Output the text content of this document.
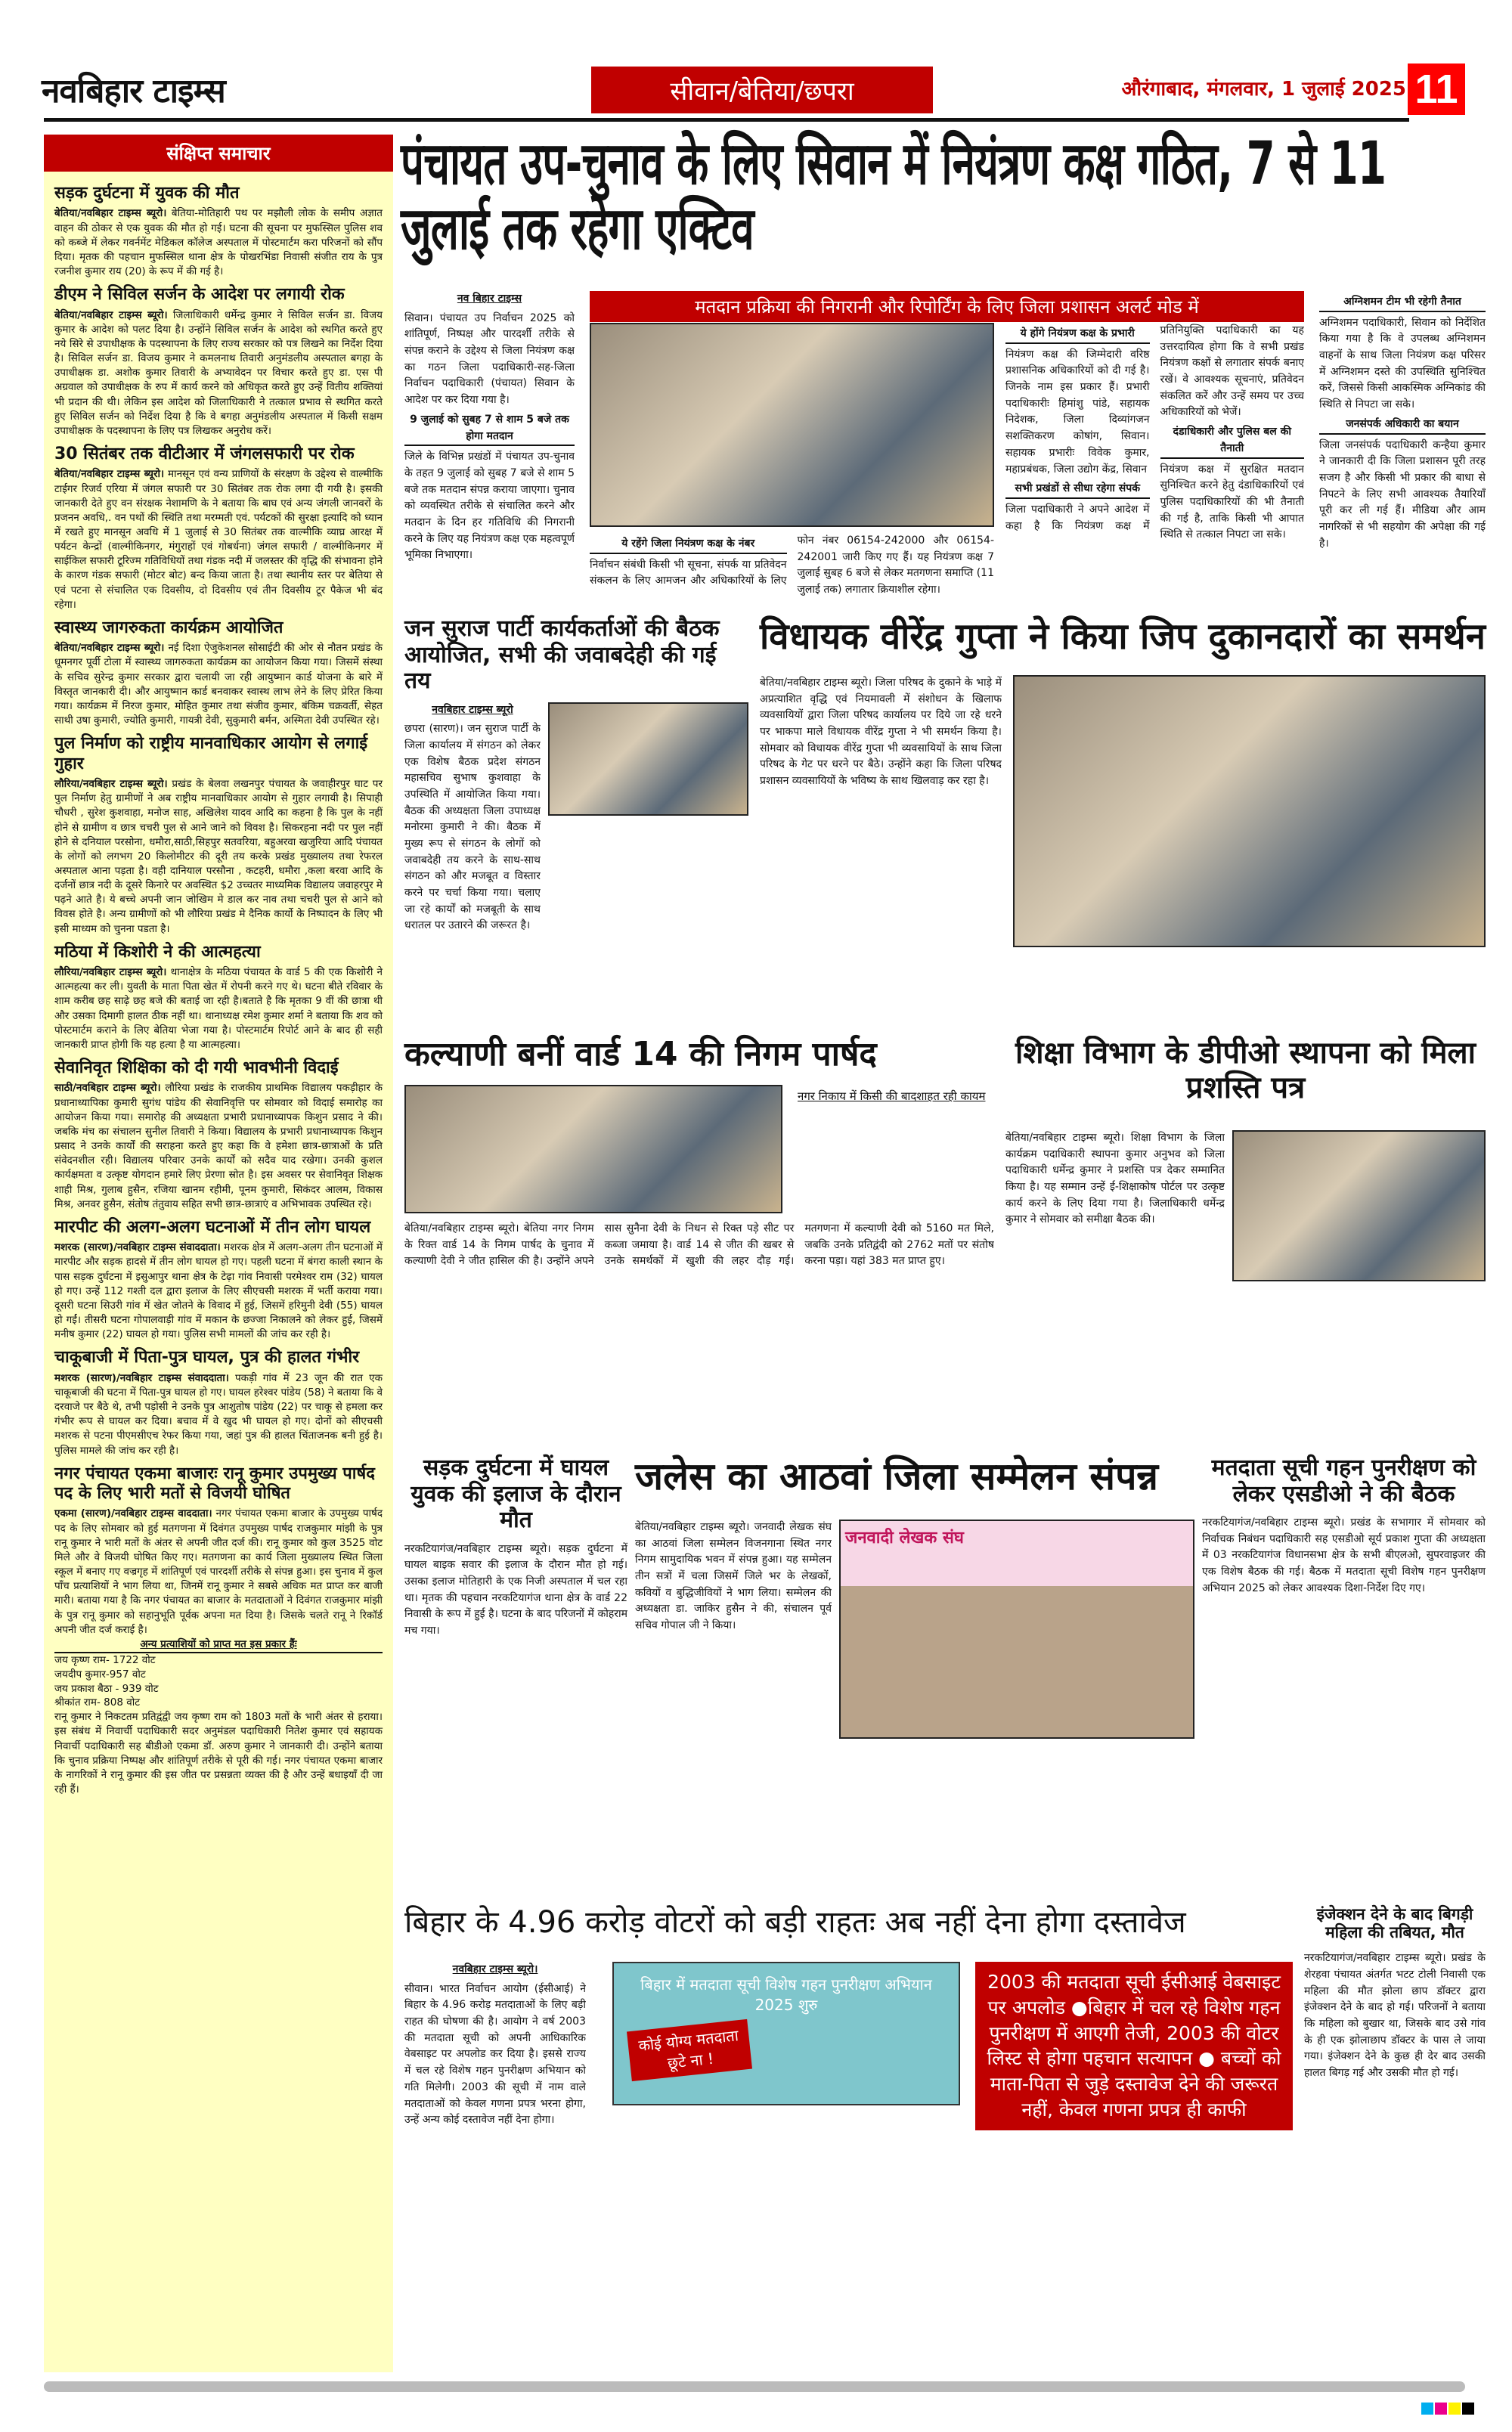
नवबिहार टाइम्स	सीवान/बेतिया/छपरा	औरंगाबाद, मंगलवार, 1 जुलाई 2025 11
संक्षिप्त समाचार
सड़क दुर्घटना में युवक की मौत

बेतिया/नवबिहार टाइम्स ब्यूरो। बेतिया-मोतिहारी पथ पर मझौली लोक के समीप अज्ञात वाहन की ठोकर से एक युवक की मौत हो गई। घटना की सूचना पर मुफस्सिल पुलिस शव को कब्जे में लेकर गवर्नमेंट मेडिकल कॉलेज अस्पताल में पोस्टमार्टम करा परिजनों को सौंप दिया। मृतक की पहचान मुफस्सिल थाना क्षेत्र के पोखरभिंडा निवासी संजीत राय के पुत्र रजनीश कुमार राय (20) के रूप में की गई है।

डीएम ने सिविल सर्जन के आदेश पर लगायी रोक

बेतिया/नवबिहार टाइम्स ब्यूरो। जिलाधिकारी धर्मेन्द्र कुमार ने सिविल सर्जन डा. विजय कुमार के आदेश को पलट दिया है। उन्होंने सिविल सर्जन के आदेश को स्थगित करते हुए नये सिरे से उपाधीक्षक के पदस्थापना के लिए राज्य सरकार को पत्र लिखने का निर्देश दिया है। सिविल सर्जन डा. विजय कुमार ने कमलनाथ तिवारी अनुमंडलीय अस्पताल बगहा के उपाधीक्षक डा. अशोक कुमार तिवारी के अभ्यावेदन पर विचार करते हुए डा. एस पी अग्रवाल को उपाधीक्षक के रुप में कार्य करने को अधिकृत करते हुए उन्हें वितीय शक्तियां भी प्रदान की थी। लेकिन इस आदेश को जिलाधिकारी ने तत्काल प्रभाव से स्थगित करते हुए सिविल सर्जन को निर्देश दिया है कि वे बगहा अनुमंडलीय अस्पताल में किसी सक्षम उपाधीक्षक के पदस्थापना के लिए पत्र लिखकर अनुरोध करें।

30 सितंबर तक वीटीआर में जंगलसफारी पर रोक

बेतिया/नवबिहार टाइम्स ब्यूरो। मानसून एवं वन्य प्राणियों के संरक्षण के उद्देश्य से वाल्मीकि टाईगर रिजर्व एरिया में जंगल सफारी पर 30 सितंबर तक रोक लगा दी गयी है। इसकी जानकारी देते हुए वन संरक्षक नेशामणि के ने बताया कि बाघ एवं अन्य जंगली जानवरों के प्रजनन अवधि,. वन पथों की स्थिति तथा मरम्मती एवं. पर्यटकों की सुरक्षा इत्यादि को ध्यान में रखते हुए मानसून अवधि में 1 जुलाई से 30 सितंबर तक वाल्मीकि व्याघ्र आरक्ष में पर्यटन केन्द्रों (वाल्मीकिनगर, मंगुराहों एवं गोबर्धना) जंगल सफारी / वाल्मीकिनगर में साईकिल सफारी टूरिज्म गतिविधियों तथा गंडक नदी में जलस्तर की वृद्धि की संभावना होने के कारण गंडक सफारी (मोटर बोट) बन्द किया जाता है। तथा स्थानीय स्तर पर बेतिया से एवं पटना से संचालित एक दिवसीय, दो दिवसीय एवं तीन दिवसीय टूर पैकेज भी बंद रहेगा।

स्वास्थ्य जागरुकता कार्यक्रम आयोजित

बेतिया/नवबिहार टाइम्स ब्यूरो। नई दिशा ऐजुकेशनल सोसाईटी की ओर से नौतन प्रखंड के धूमनगर पूर्वी टोला में स्वास्थ्य जागरुकता कार्यक्रम का आयोजन किया गया। जिसमें संस्था के सचिव सुरेन्द्र कुमार सरकार द्वारा चलायी जा रही आयुष्मान कार्ड योजना के बारे में विस्तृत जानकारी दी। और आयुष्मान कार्ड बनवाकर स्वास्थ लाभ लेने के लिए प्रेरित किया गया। कार्यक्रम में निरज कुमार, मोहित कुमार तथा संजीव कुमार, बंकिम चक्रवर्ती, सेहत साथी उषा कुमारी, ज्योति कुमारी, गायत्री देवी, सुकुमारी बर्मन, अस्मिता देवी उपस्थित रहे।

पुल निर्माण को राष्ट्रीय मानवाधिकार आयोग से लगाई गुहार

लौरिया/नवबिहार टाइम्स ब्यूरो। प्रखंड के बेलवा लखनपुर पंचायत के जवाहीरपुर घाट पर पुल निर्माण हेतु ग्रामीणों ने अब राष्ट्रीय मानवाधिकार आयोग से गुहार लगायी है। सिपाही चौधरी , सुरेश कुशवाहा, मनोज साह, अखिलेश यादव आदि का कहना है कि पुल के नहीं होने से ग्रामीण व छात्र चचरी पुल से आने जाने को विवश है। सिकरहना नदी पर पुल नहीं होने से दनियाल परसोना, धमौरा,साठी,सिहपुर सतवरिया, बहुअरवा खजुरिया आदि पंचायत के लोगों को लगभग 20 किलोमीटर की दूरी तय करके प्रखंड मुख्यालय तथा रेफरल अस्पताल आना पड़ता है। वही दानियाल परसौना , कटहरी, धमौरा ,कला बरवा आदि के दर्जनों छात्र नदी के दूसरे किनारे पर अवस्थित $2 उच्चतर माध्यमिक विद्यालय जवाहरपुर मे पढ़ने आते है। ये बच्चे अपनी जान जोखिम मे डाल कर नाव तथा चचरी पुल से आने को विवस होते है। अन्य ग्रामीणों को भी लौरिया प्रखंड मे दैनिक कार्यो के निष्पादन के लिए भी इसी माध्यम को चुनना पडता है।

मठिया में किशोरी ने की आत्महत्या

लौरिया/नवबिहार टाइम्स ब्यूरो। थानाक्षेत्र के मठिया पंचायत के वार्ड 5 की एक किशोरी ने आत्महत्या कर ली। युवती के माता पिता खेत में रोपनी करने गए थे। घटना बीते रविवार के शाम करीब छह साढ़े छह बजे की बताई जा रही है।बताते है कि मृतका 9 वीं की छात्रा थी और उसका दिमागी हालत ठीक नहीं था। थानाध्यक्ष रमेश कुमार शर्मा ने बताया कि शव को पोस्टमार्टम कराने के लिए बेतिया भेजा गया है। पोस्टमार्टम रिपोर्ट आने के बाद ही सही जानकारी प्राप्त होगी कि यह हत्या है या आत्महत्या।

सेवानिवृत शिक्षिका को दी गयी भावभीनी विदाई

साठी/नवबिहार टाइम्स ब्यूरो। लौरिया प्रखंड के राजकीय प्राथमिक विद्यालय पकड़ीहार के प्रधानाध्यापिका कुमारी सुगंध पांडेय की सेवानिवृत्ति पर सोमवार को विदाई समारोह का आयोजन किया गया। समारोह की अध्यक्षता प्रभारी प्रधानाध्यापक किशुन प्रसाद ने की। जबकि मंच का संचालन सुनील तिवारी ने किया। विद्यालय के प्रभारी प्रधानाध्यापक किशुन प्रसाद ने उनके कार्यों की सराहना करते हुए कहा कि वे हमेशा छात्र-छात्राओं के प्रति संवेदनशील रही। विद्यालय परिवार उनके कार्यों को सदैव याद रखेगा। उनकी कुशल कार्यक्षमता व उत्कृष्ट योगदान हमारे लिए प्रेरणा स्रोत है। इस अवसर पर सेवानिवृत शिक्षक शाही मिश्र, गुलाब हुसैन, रजिया खानम रहीमी, पूनम कुमारी, सिकंदर आलम, विकास मिश्र, अनवर हुसैन, संतोष तंतुवाय सहित सभी छात्र-छात्राएं व अभिभावक उपस्थित रहे।

मारपीट की अलग-अलग घटनाओं में तीन लोग घायल

मशरक (सारण)/नवबिहार टाइम्स संवाददाता। मशरक क्षेत्र में अलग-अलग तीन घटनाओं में मारपीट और सड़क हादसे में तीन लोग घायल हो गए। पहली घटना में बंगरा काली स्थान के पास सड़क दुर्घटना में इसुआपुर थाना क्षेत्र के टेढ़ा गांव निवासी परमेश्वर राम (32) घायल हो गए। उन्हें 112 गश्ती दल द्वारा इलाज के लिए सीएचसी मशरक में भर्ती कराया गया। दूसरी घटना सिउरी गांव में खेत जोतने के विवाद में हुई, जिसमें हरिमुनी देवी (55) घायल हो गईं। तीसरी घटना गोपालवाड़ी गांव में मकान के छज्जा निकालने को लेकर हुई, जिसमें मनीष कुमार (22) घायल हो गया। पुलिस सभी मामलों की जांच कर रही है।

चाकूबाजी में पिता-पुत्र घायल, पुत्र की हालत गंभीर

मशरक (सारण)/नवबिहार टाइम्स संवाददाता। पकड़ी गांव में 23 जून की रात एक चाकूबाजी की घटना में पिता-पुत्र घायल हो गए। घायल हरेश्वर पांडेय (58) ने बताया कि वे दरवाजे पर बैठे थे, तभी पड़ोसी ने उनके पुत्र आशुतोष पांडेय (22) पर चाकू से हमला कर गंभीर रूप से घायल कर दिया। बचाव में वे खुद भी घायल हो गए। दोनों को सीएचसी मशरक से पटना पीएमसीएच रेफर किया गया, जहां पुत्र की हालत चिंताजनक बनी हुई है। पुलिस मामले की जांच कर रही है।

नगर पंचायत एकमा बाजारः रानू कुमार उपमुख्य पार्षद पद के लिए भारी मतों से विजयी घोषित

एकमा (सारण)/नवबिहार टाइम्स वाददाता। नगर पंचायत एकमा बाजार के उपमुख्य पार्षद पद के लिए सोमवार को हुई मतगणना में दिवंगत उपमुख्य पार्षद राजकुमार मांझी के पुत्र रानू कुमार ने भारी मतों के अंतर से अपनी जीत दर्ज की। रानू कुमार को कुल 3525 वोट मिले और वे विजयी घोषित किए गए। मतगणना का कार्य जिला मुख्यालय स्थित जिला स्कूल में बनाए गए वज्रगृह में शांतिपूर्ण एवं पारदर्शी तरीके से संपन्न हुआ। इस चुनाव में कुल पाँच प्रत्याशियों ने भाग लिया था, जिनमें रानू कुमार ने सबसे अधिक मत प्राप्त कर बाजी मारी। बताया गया है कि नगर पंचायत का बाजार के मतदाताओं ने दिवंगत राजकुमार मांझी के पुत्र रानू कुमार को सहानुभूति पूर्वक अपना मत दिया है। जिसके चलते रानू ने रिकॉर्ड अपनी जीत दर्ज कराई है।

अन्य प्रत्याशियों को प्राप्त मत इस प्रकार हैंः
जय कृष्ण राम- 1722 वोट
जयदीप कुमार-957 वोट
जय प्रकाश बैठा - 939 वोट
श्रीकांत राम- 808 वोट

रानू कुमार ने निकटतम प्रतिद्वंद्वी जय कृष्ण राम को 1803 मतों के भारी अंतर से हराया। इस संबंध में निवार्ची पदाधिकारी सदर अनुमंडल पदाधिकारी नितेश कुमार एवं सहायक निवार्ची पदाधिकारी सह बीडीओ एकमा डॉ. अरुण कुमार ने जानकारी दी। उन्होंने बताया कि चुनाव प्रक्रिया निष्पक्ष और शांतिपूर्ण तरीके से पूरी की गई। नगर पंचायत एकमा बाजार के नागरिकों ने रानू कुमार की इस जीत पर प्रसन्नता व्यक्त की है और उन्हें बधाइयाँ दी जा रही हैं।

पंचायत उप-चुनाव के लिए सिवान में नियंत्रण कक्ष गठित, 7 से 11 जुलाई तक रहेगा एक्टिव
नव बिहार टाइम्स

सिवान। पंचायत उप निर्वाचन 2025 को शांतिपूर्ण, निष्पक्ष और पारदर्शी तरीके से संपन्न कराने के उद्देश्य से जिला नियंत्रण कक्ष का गठन जिला पदाधिकारी-सह-जिला निर्वाचन पदाधिकारी (पंचायत) सिवान के आदेश पर कर दिया गया है।

9 जुलाई को सुबह 7 से शाम 5 बजे तक होगा मतदान

जिले के विभिन्न प्रखंडों में पंचायत उप-चुनाव के तहत 9 जुलाई को सुबह 7 बजे से शाम 5 बजे तक मतदान संपन्न कराया जाएगा। चुनाव को व्यवस्थित तरीके से संचालित करने और मतदान के दिन हर गतिविधि की निगरानी करने के लिए यह नियंत्रण कक्ष एक महत्वपूर्ण भूमिका निभाएगा।

मतदान प्रक्रिया की निगरानी और रिपोर्टिंग के लिए जिला प्रशासन अलर्ट मोड में
ये रहेंगे जिला नियंत्रण कक्ष के नंबर

निर्वाचन संबंधी किसी भी सूचना, संपर्क या प्रतिवेदन संकलन के लिए आमजन और अधिकारियों के लिए फोन नंबर 06154-242000 और 06154-242001 जारी किए गए हैं। यह नियंत्रण कक्ष 7 जुलाई सुबह 6 बजे से लेकर मतगणना समाप्ति (11 जुलाई तक) लगातार क्रियाशील रहेगा।

ये होंगे नियंत्रण कक्ष के प्रभारी

नियंत्रण कक्ष की जिम्मेदारी वरिष्ठ प्रशासनिक अधिकारियों को दी गई है। जिनके नाम इस प्रकार हैं। प्रभारी पदाधिकारीः हिमांशु पांडे, सहायक निदेशक, जिला दिव्यांगजन सशक्तिकरण कोषांग, सिवान। सहायक प्रभारीः विवेक कुमार, महाप्रबंधक, जिला उद्योग केंद्र, सिवान

सभी प्रखंडों से सीधा रहेगा संपर्क

जिला पदाधिकारी ने अपने आदेश में कहा है कि नियंत्रण कक्ष में प्रतिनियुक्ति पदाधिकारी का यह उत्तरदायित्व होगा कि वे सभी प्रखंड नियंत्रण कक्षों से लगातार संपर्क बनाए रखें। वे आवश्यक सूचनाएं, प्रतिवेदन संकलित करें और उन्हें समय पर उच्च अधिकारियों को भेजें।

दंडाधिकारी और पुलिस बल की तैनाती

नियंत्रण कक्ष में सुरक्षित मतदान सुनिश्चित करने हेतु दंडाधिकारियों एवं पुलिस पदाधिकारियों की भी तैनाती की गई है, ताकि किसी भी आपात स्थिति से तत्काल निपटा जा सके।

अग्निशमन टीम भी रहेगी तैनात

अग्निशमन पदाधिकारी, सिवान को निर्देशित किया गया है कि वे उपलब्ध अग्निशमन वाहनों के साथ जिला नियंत्रण कक्ष परिसर में अग्निशमन दस्ते की उपस्थिति सुनिश्चित करें, जिससे किसी आकस्मिक अग्निकांड की स्थिति से निपटा जा सके।

जनसंपर्क अधिकारी का बयान

जिला जनसंपर्क पदाधिकारी कन्हैया कुमार ने जानकारी दी कि जिला प्रशासन पूरी तरह सजग है और किसी भी प्रकार की बाधा से निपटने के लिए सभी आवश्यक तैयारियाँ पूरी कर ली गई हैं। मीडिया और आम नागरिकों से भी सहयोग की अपेक्षा की गई है।

जन सुराज पार्टी कार्यकर्ताओं की बैठक आयोजित, सभी की जवाबदेही की गई तय
नवबिहार टाइम्स ब्यूरो

छपरा (सारण)। जन सुराज पार्टी के जिला कार्यालय में संगठन को लेकर एक विशेष बैठक प्रदेश संगठन महासचिव सुभाष कुशवाहा के उपस्थिति में आयोजित किया गया। बैठक की अध्यक्षता जिला उपाध्यक्ष मनोरमा कुमारी ने की। बैठक में मुख्य रूप से संगठन के लोगों को जवाबदेही तय करने के साथ-साथ संगठन को और मजबूत व विस्तार करने पर चर्चा किया गया। चलाए जा रहे कार्यों को मजबूती के साथ धरातल पर उतारने की जरूरत है।

विधायक वीरेंद्र गुप्ता ने किया जिप दुकानदारों का समर्थन
बेतिया/नवबिहार टाइम्स ब्यूरो। जिला परिषद के दुकाने के भाड़े में अप्रत्याशित वृद्धि एवं नियमावली में संशोधन के खिलाफ व्यवसायियों द्वारा जिला परिषद कार्यालय पर दिये जा रहे धरने पर भाकपा माले विधायक वीरेंद्र गुप्ता ने भी समर्थन किया है। सोमवार को विधायक वीरेंद्र गुप्ता भी व्यवसायियों के साथ जिला परिषद के गेट पर धरने पर बैठे। उन्होंने कहा कि जिला परिषद प्रशासन व्यवसायियों के भविष्य के साथ खिलवाड़ कर रहा है।
कल्याणी बनीं वार्ड 14 की निगम पार्षद
नगर निकाय में किसी की बादशाहत रही कायम
बेतिया/नवबिहार टाइम्स ब्यूरो। बेतिया नगर निगम के रिक्त वार्ड 14 के निगम पार्षद के चुनाव में कल्याणी देवी ने जीत हासिल की है। उन्होंने अपने सास सुनैना देवी के निधन से रिक्त पड़े सीट पर कब्जा जमाया है। वार्ड 14 से जीत की खबर से उनके समर्थकों में खुशी की लहर दौड़ गई। मतगणना में कल्याणी देवी को 5160 मत मिले, जबकि उनके प्रतिद्वंदी को 2762 मतों पर संतोष करना पड़ा। यहां 383 मत प्राप्त हुए।
शिक्षा विभाग के डीपीओ स्थापना को मिला प्रशस्ति पत्र
बेतिया/नवबिहार टाइम्स ब्यूरो। शिक्षा विभाग के जिला कार्यक्रम पदाधिकारी स्थापना कुमार अनुभव को जिला पदाधिकारी धर्मेन्द्र कुमार ने प्रशस्ति पत्र देकर सम्मानित किया है। यह सम्मान उन्हें ई-शिक्षाकोष पोर्टल पर उत्कृष्ट कार्य करने के लिए दिया गया है। जिलाधिकारी धर्मेन्द्र कुमार ने सोमवार को समीक्षा बैठक की।
सड़क दुर्घटना में घायल युवक की इलाज के दौरान मौत
नरकटियागंज/नवबिहार टाइम्स ब्यूरो। सड़क दुर्घटना में घायल बाइक सवार की इलाज के दौरान मौत हो गई। उसका इलाज मोतिहारी के एक निजी अस्पताल में चल रहा था। मृतक की पहचान नरकटियागंज थाना क्षेत्र के वार्ड 22 निवासी के रूप में हुई है। घटना के बाद परिजनों में कोहराम मच गया।
जलेस का आठवां जिला सम्मेलन संपन्न
जनवादी लेखक संघ
बेतिया/नवबिहार टाइम्स ब्यूरो। जनवादी लेखक संघ का आठवां जिला सम्मेलन विजनगाना स्थित नगर निगम सामुदायिक भवन में संपन्न हुआ। यह सम्मेलन तीन सत्रों में चला जिसमें जिले भर के लेखकों, कवियों व बुद्धिजीवियों ने भाग लिया। सम्मेलन की अध्यक्षता डा. जाकिर हुसैन ने की, संचालन पूर्व सचिव गोपाल जी ने किया।
मतदाता सूची गहन पुनरीक्षण को लेकर एसडीओ ने की बैठक
नरकटियागंज/नवबिहार टाइम्स ब्यूरो। प्रखंड के सभागार में सोमवार को निर्वाचक निबंधन पदाधिकारी सह एसडीओ सूर्य प्रकाश गुप्ता की अध्यक्षता में 03 नरकटियागंज विधानसभा क्षेत्र के सभी बीएलओ, सुपरवाइजर की एक विशेष बैठक की गई। बैठक में मतदाता सूची विशेष गहन पुनरीक्षण अभियान 2025 को लेकर आवश्यक दिशा-निर्देश दिए गए।
बिहार के 4.96 करोड़ वोटरों को बड़ी राहतः अब नहीं देना होगा दस्तावेज
नवबिहार टाइम्स ब्यूरो।

सीवान। भारत निर्वाचन आयोग (ईसीआई) ने बिहार के 4.96 करोड़ मतदाताओं के लिए बड़ी राहत की घोषणा की है। आयोग ने वर्ष 2003 की मतदाता सूची को अपनी आधिकारिक वेबसाइट पर अपलोड कर दिया है। इससे राज्य में चल रहे विशेष गहन पुनरीक्षण अभियान को गति मिलेगी। 2003 की सूची में नाम वाले मतदाताओं को केवल गणना प्रपत्र भरना होगा, उन्हें अन्य कोई दस्तावेज नहीं देना होगा।

बिहार में मतदाता सूची विशेष गहन पुनरीक्षण अभियान 2025 शुरु
कोई योग्य मतदाता छूटे ना !
2003 की मतदाता सूची ईसीआई वेबसाइट पर अपलोड ●बिहार में चल रहे विशेष गहन पुनरीक्षण में आएगी तेजी, 2003 की वोटर लिस्ट से होगा पहचान सत्यापन ● बच्चों को माता-पिता से जुड़े दस्तावेज देने की जरूरत नहीं, केवल गणना प्रपत्र ही काफी
इंजेक्शन देने के बाद बिगड़ी महिला की तबियत, मौत
नरकटियागंज/नवबिहार टाइम्स ब्यूरो। प्रखंड के शेरहवा पंचायत अंतर्गत भटट टोली निवासी एक महिला की मौत झोला छाप डॉक्टर द्वारा इंजेक्शन देने के बाद हो गई। परिजनों ने बताया कि महिला को बुखार था, जिसके बाद उसे गांव के ही एक झोलाछाप डॉक्टर के पास ले जाया गया। इंजेक्शन देने के कुछ ही देर बाद उसकी हालत बिगड़ गई और उसकी मौत हो गई।
